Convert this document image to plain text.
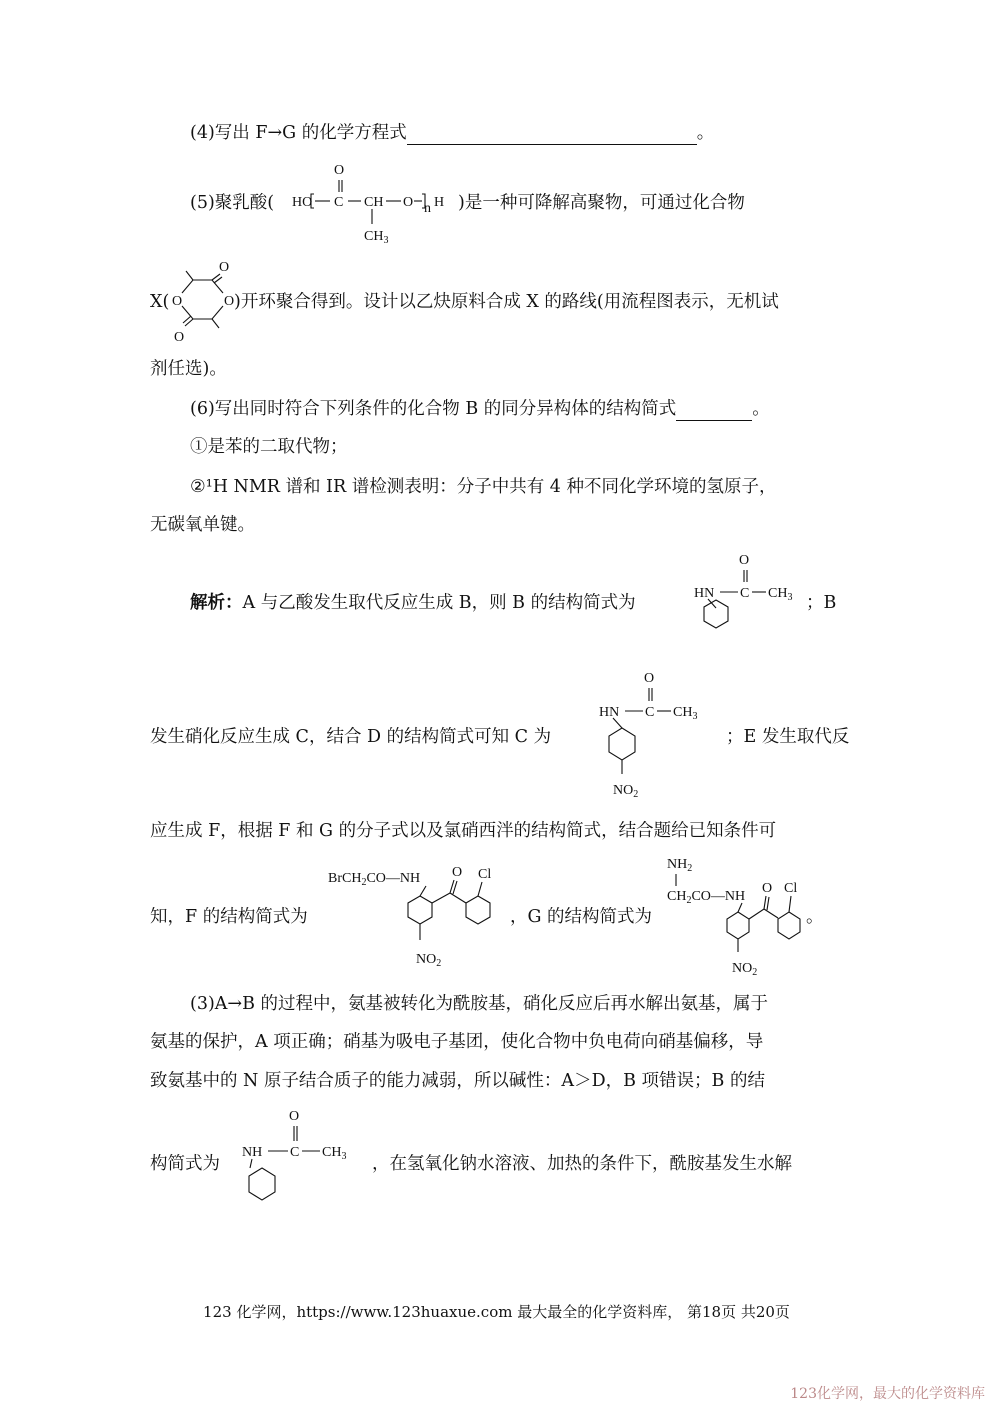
(4)写出 F→G 的化学方程式	。
(5)聚乳酸( HO C
O
CH
$CH_3$
O n H )是一种可降解高聚物，可通过化合物
X(
O
O	O
O
)开环聚合得到。设计以乙炔原料合成 X 的路线(用流程图表示，无机试
剂任选)。
(6)写出同时符合下列条件的化合物 B 的同分异构体的结构简式	。
①是苯的二取代物；
②¹H NMR 谱和 IR 谱检测表明：分子中共有 4 种不同化学环境的氢原子，
无碳氧单键。
解析：A 与乙酸发生取代反应生成 B，则 B 的结构简式为	HN C
O
$CH_3$ ；B
发生硝化反应生成 C，结合 D 的结构简式可知 C 为
HN C
O
$CH_3$
$NO_2$
；E 发生取代反
应生成 F，根据 F 和 G 的分子式以及氯硝西泮的结构简式，结合题给已知条件可
知，F 的结构简式为
BrCH$_2$CO—NH O Cl
$NO_2$
，G 的结构简式为
$NH_2$
$CH_2CO—NH$
O Cl
$NO_2$
。
(3)A→B 的过程中，氨基被转化为酰胺基，硝化反应后再水解出氨基，属于
氨基的保护，A 项正确；硝基为吸电子基团，使化合物中负电荷向硝基偏移，导
致氨基中的 N 原子结合质子的能力减弱，所以碱性：A＞D，B 项错误；B 的结
构简式为
NH C
O
$CH_3$ ，在氢氧化钠水溶液、加热的条件下，酰胺基发生水解
123 化学网，https://www.123huaxue.com 最大最全的化学资料库， 第18页 共20页
123化学网，最大的化学资料库
